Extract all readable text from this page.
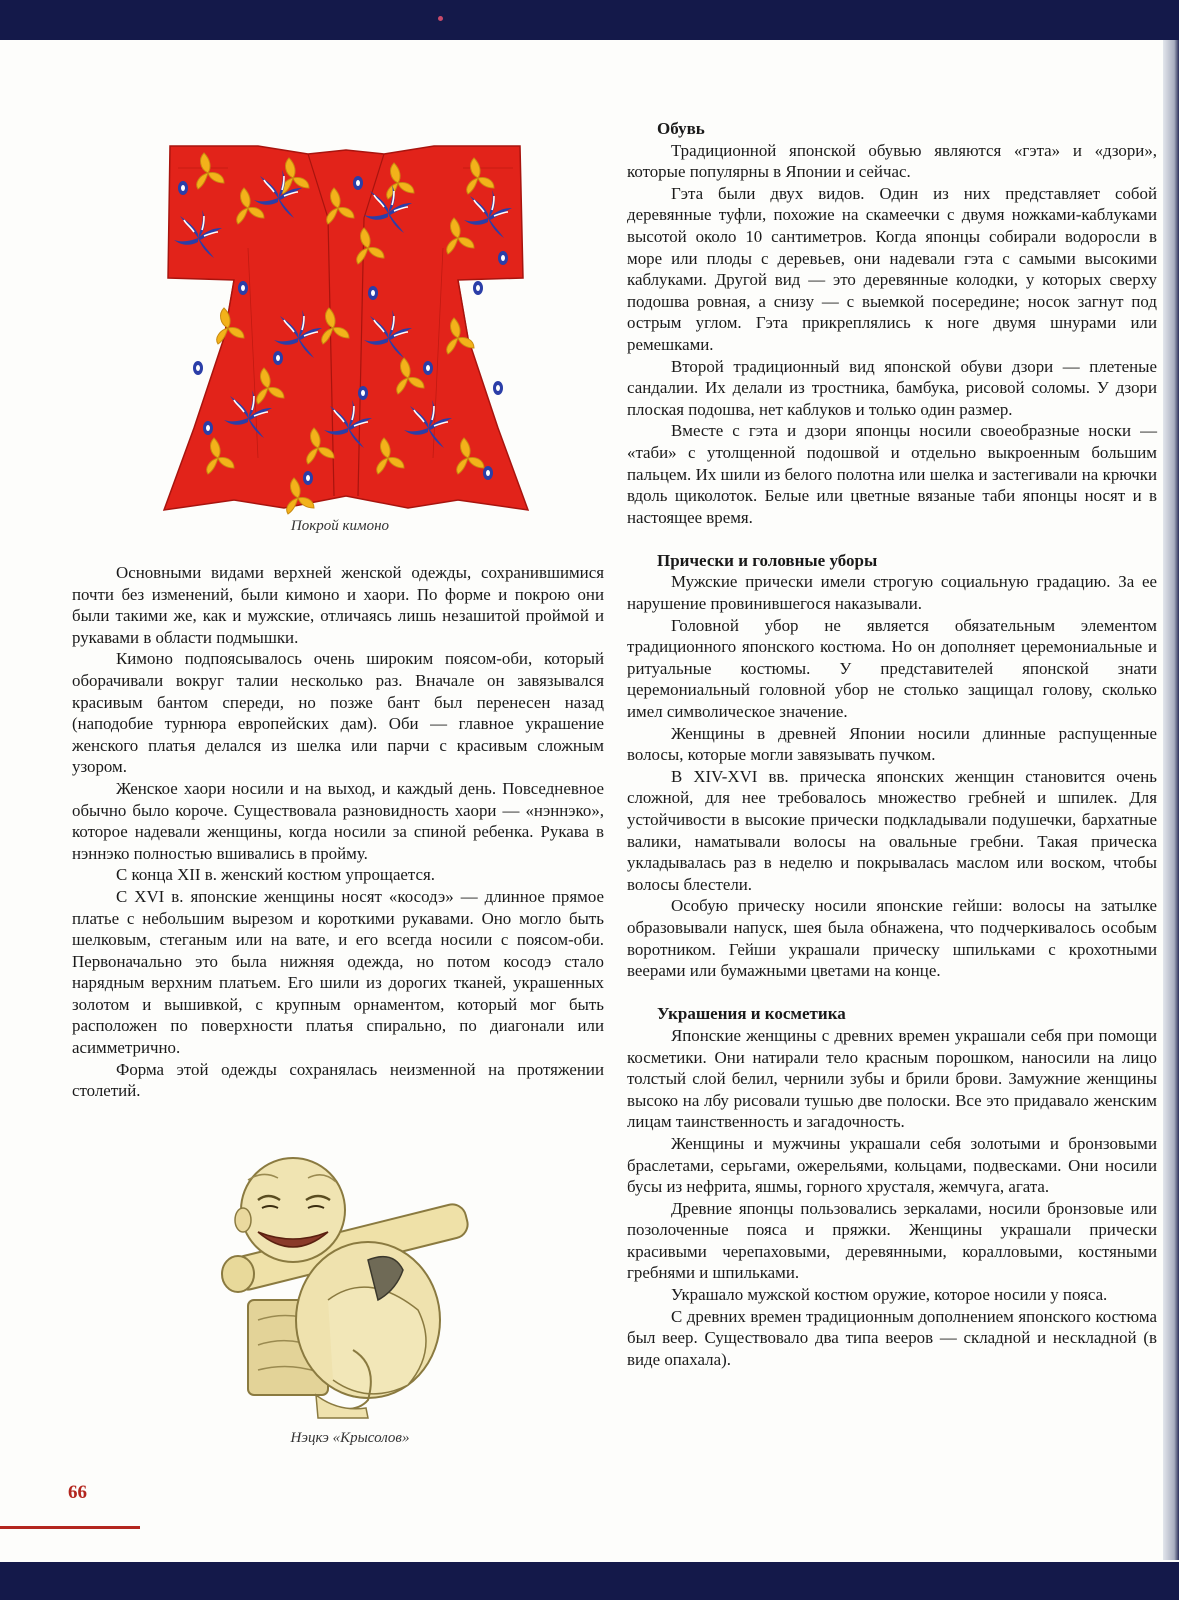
Покрой кимоно
Нэцкэ «Крысолов»

Основными видами верхней женской одежды, сохранившимися почти без изменений, были кимоно и хаори. По форме и покрою они были такими же, как и мужские, отличаясь лишь незашитой проймой и рукавами в области подмышки.

Кимоно подпоясывалось очень широким поясом-оби, который оборачивали вокруг талии несколько раз. Вначале он завязывался красивым бантом спереди, но позже бант был перенесен назад (наподобие турнюра европейских дам). Оби — главное украшение женского платья делался из шелка или парчи с красивым сложным узором.

Женское хаори носили и на выход, и каждый день. Повседневное обычно было короче. Существовала разновидность хаори — «нэннэко», которое надевали женщины, когда носили за спиной ребенка. Рукава в нэннэко полностью вшивались в пройму.

С конца XII в. женский костюм упрощается.

С XVI в. японские женщины носят «косодэ» — длинное прямое платье с небольшим вырезом и короткими рукавами. Оно могло быть шелковым, стеганым или на вате, и его всегда носили с поясом-оби. Первоначально это была нижняя одежда, но потом косодэ стало нарядным верхним платьем. Его шили из дорогих тканей, украшенных золотом и вышивкой, с крупным орнаментом, который мог быть расположен по поверхности платья спирально, по диагонали или асимметрично.

Форма этой одежды сохранялась неизменной на протяжении столетий.

Обувь

Традиционной японской обувью являются «гэта» и «дзори», которые популярны в Японии и сейчас.

Гэта были двух видов. Один из них представляет собой деревянные туфли, похожие на скамеечки с двумя ножками-каблуками высотой около 10 сантиметров. Когда японцы собирали водоросли в море или плоды с деревьев, они надевали гэта с самыми высокими каблуками. Другой вид — это деревянные колодки, у которых сверху подошва ровная, а снизу — с выемкой посередине; носок загнут под острым углом. Гэта прикреплялись к ноге двумя шнурами или ремешками.

Второй традиционный вид японской обуви дзори — плетеные сандалии. Их делали из тростника, бамбука, рисовой соломы. У дзори плоская подошва, нет каблуков и только один размер.

Вместе с гэта и дзори японцы носили своеобразные носки — «таби» с утолщенной подошвой и отдельно выкроенным большим пальцем. Их шили из белого полотна или шелка и застегивали на крючки вдоль щиколоток. Белые или цветные вязаные таби японцы носят и в настоящее время.

Прически и головные уборы

Мужские прически имели строгую социальную градацию. За ее нарушение провинившегося наказывали.

Головной убор не является обязательным элементом традиционного японского костюма. Но он дополняет церемониальные и ритуальные костюмы. У представителей японской знати церемониальный головной убор не столько защищал голову, сколько имел символическое значение.

Женщины в древней Японии носили длинные распущенные волосы, которые могли завязывать пучком.

В XIV-XVI вв. прическа японских женщин становится очень сложной, для нее требовалось множество гребней и шпилек. Для устойчивости в высокие прически подкладывали подушечки, бархатные валики, наматывали волосы на овальные гребни. Такая прическа укладывалась раз в неделю и покрывалась маслом или воском, чтобы волосы блестели.

Особую прическу носили японские гейши: волосы на затылке образовывали напуск, шея была обнажена, что подчеркивалось особым воротником. Гейши украшали прическу шпильками с крохотными веерами или бумажными цветами на конце.

Украшения и косметика

Японские женщины с древних времен украшали себя при помощи косметики. Они натирали тело красным порошком, наносили на лицо толстый слой белил, чернили зубы и брили брови. Замужние женщины высоко на лбу рисовали тушью две полоски. Все это придавало женским лицам таинственность и загадочность.

Женщины и мужчины украшали себя золотыми и бронзовыми браслетами, серьгами, ожерельями, кольцами, подвесками. Они носили бусы из нефрита, яшмы, горного хрусталя, жемчуга, агата.

Древние японцы пользовались зеркалами, носили бронзовые или позолоченные пояса и пряжки. Женщины украшали прически красивыми черепаховыми, деревянными, коралловыми, костяными гребнями и шпильками.

Украшало мужской костюм оружие, которое носили у пояса.

С древних времен традиционным дополнением японского костюма был веер. Существовало два типа вееров — складной и нескладной (в виде опахала).

66
